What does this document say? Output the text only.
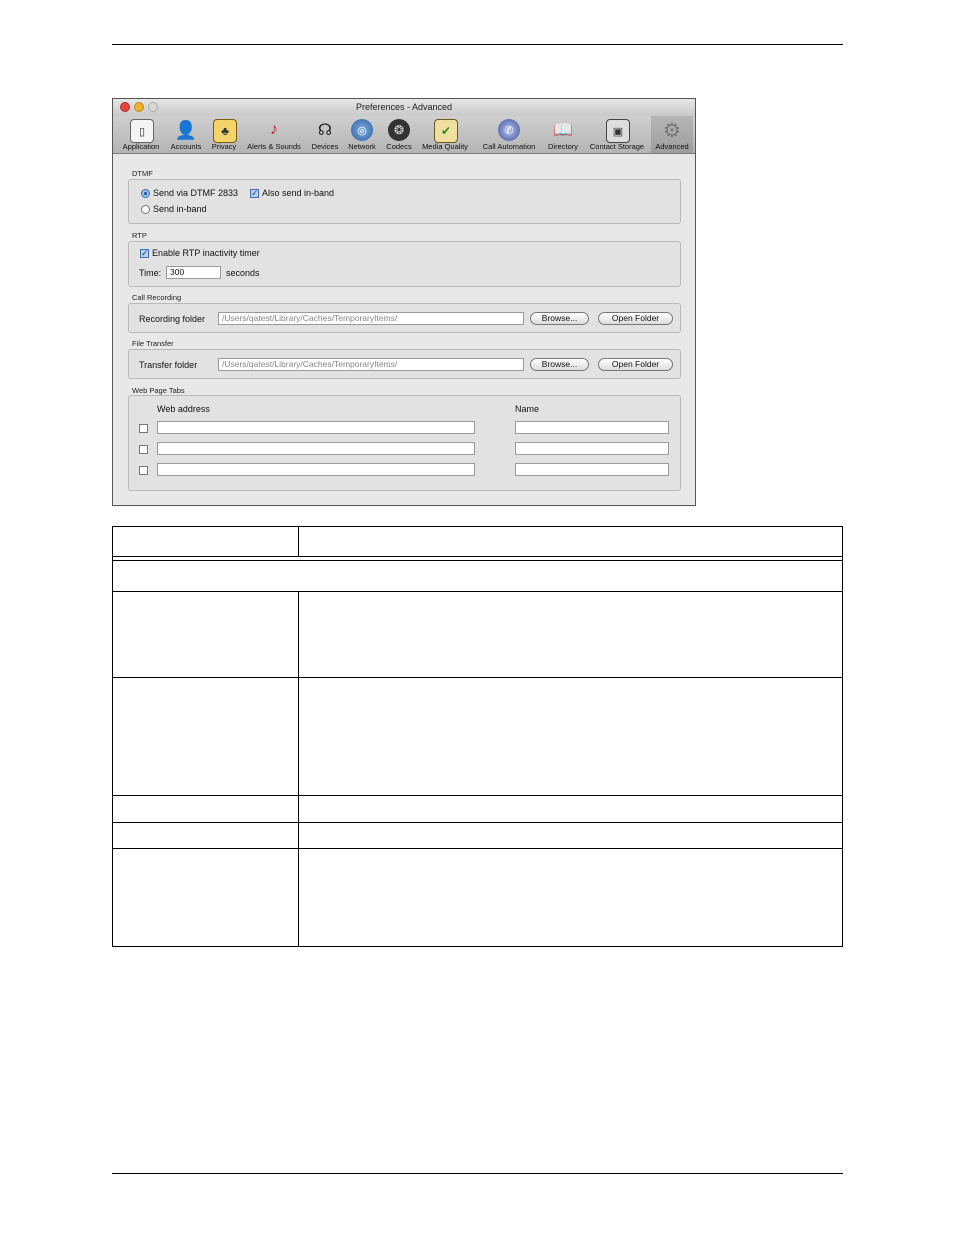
Preferences - Advanced
▯
Application
👤
Accounts
♣
Privacy
♪
Alerts & Sounds
☊
Devices
◎
Network
❂
Codecs
✔
Media Quality
✆
Call Automation
📖
Directory
▣
Contact Storage
⚙
Advanced
DTMF
Send via DTMF 2833 ✓ Also send in-band
Send in-band
RTP
✓ Enable RTP inactivity timer
Time:	300	seconds
Call Recording
Recording folder	/Users/qatest/Library/Caches/TemporaryItems/	Browse...	Open Folder
File Transfer
Transfer folder	/Users/qatest/Library/Caches/TemporaryItems/	Browse...	Open Folder
Web Page Tabs
Web address	Name
